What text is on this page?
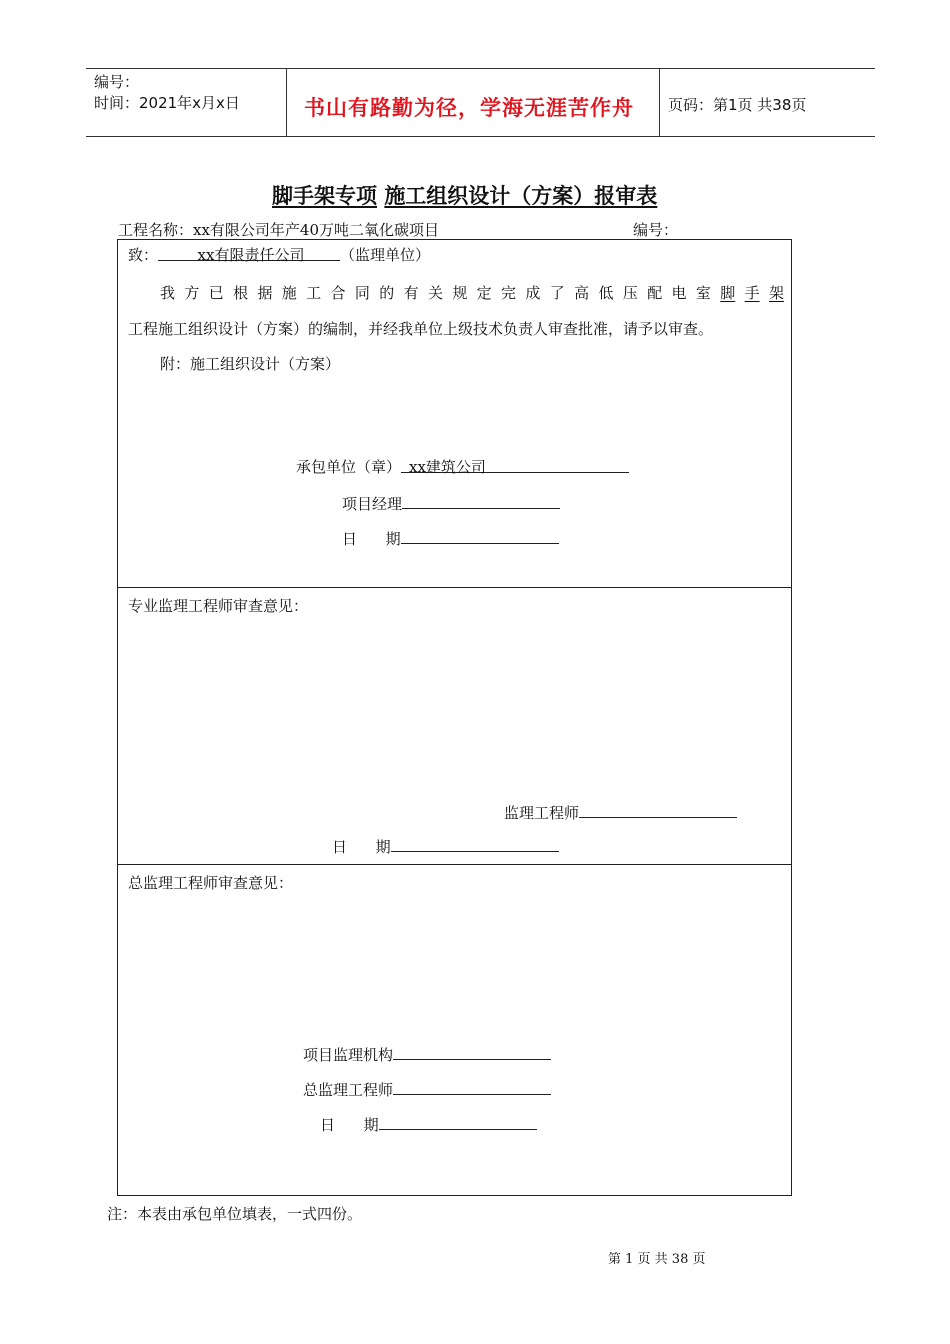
编号：
时间：2021年x月x日	书山有路勤为径，学海无涯苦作舟 页码：第1页 共38页
脚手架专项 施工组织设计（方案）报审表
工程名称：xx有限公司年产40万吨二氧化碳项目	编号：
致：	xx有限责任公司 （监理单位）
我 方 已 根 据 施 工 合 同 的 有 关 规 定 完 成 了 高 低 压 配 电 室 脚 手 架
工程施工组织设计（方案）的编制，并经我单位上级技术负责人审查批准，请予以审查。
附：施工组织设计（方案）
承包单位（章） xx建筑公司
项目经理
日      期
专业监理工程师审查意见：
监理工程师
日      期
总监理工程师审查意见：
项目监理机构
总监理工程师
日      期
注：本表由承包单位填表，一式四份。
第 1 页 共 38 页
